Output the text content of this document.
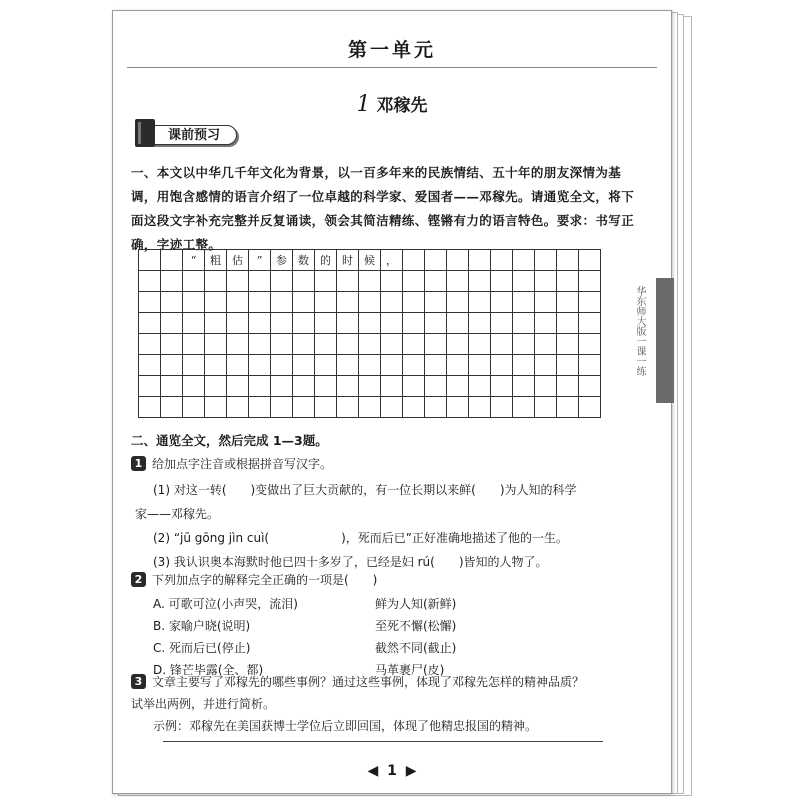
第一单元
1 邓稼先
课前预习
一、本文以中华几千年文化为背景，以一百多年来的民族情结、五十年的朋友深情为基
调，用饱含感情的语言介绍了一位卓越的科学家、爱国者——邓稼先。请通览全文，将下
面这段文字补充完整并反复诵读，领会其简洁精练、铿锵有力的语言特色。要求：书写正
确，字迹工整。
		“	粗	估	”	参	数	的	时	候	，									

二、通览全文，然后完成 1—3题。
1 给加点字注音或根据拼音写汉字。
(1) 对这一转(　　)变做出了巨大贡献的，有一位长期以来鲜(　　)为人知的科学
家——邓稼先。
(2) “jū gōng jìn cuì(　　　　　　)，死而后已”正好准确地描述了他的一生。
(3) 我认识奥本海默时他已四十多岁了，已经是妇 rú(　　)皆知的人物了。
2 下列加点字的解释完全正确的一项是(　　)
A. 可歌可泣(小声哭，流泪)	鲜为人知(新鲜)
B. 家喻户晓(说明)	至死不懈(松懈)
C. 死而后已(停止)	截然不同(截止)
D. 锋芒毕露(全、都)	马革裹尸(皮)
3 文章主要写了邓稼先的哪些事例？通过这些事例，体现了邓稼先怎样的精神品质？
试举出两例，并进行简析。
示例：邓稼先在美国获博士学位后立即回国，体现了他精忠报国的精神。
◀ 1 ▶
华东师大版一课一练
